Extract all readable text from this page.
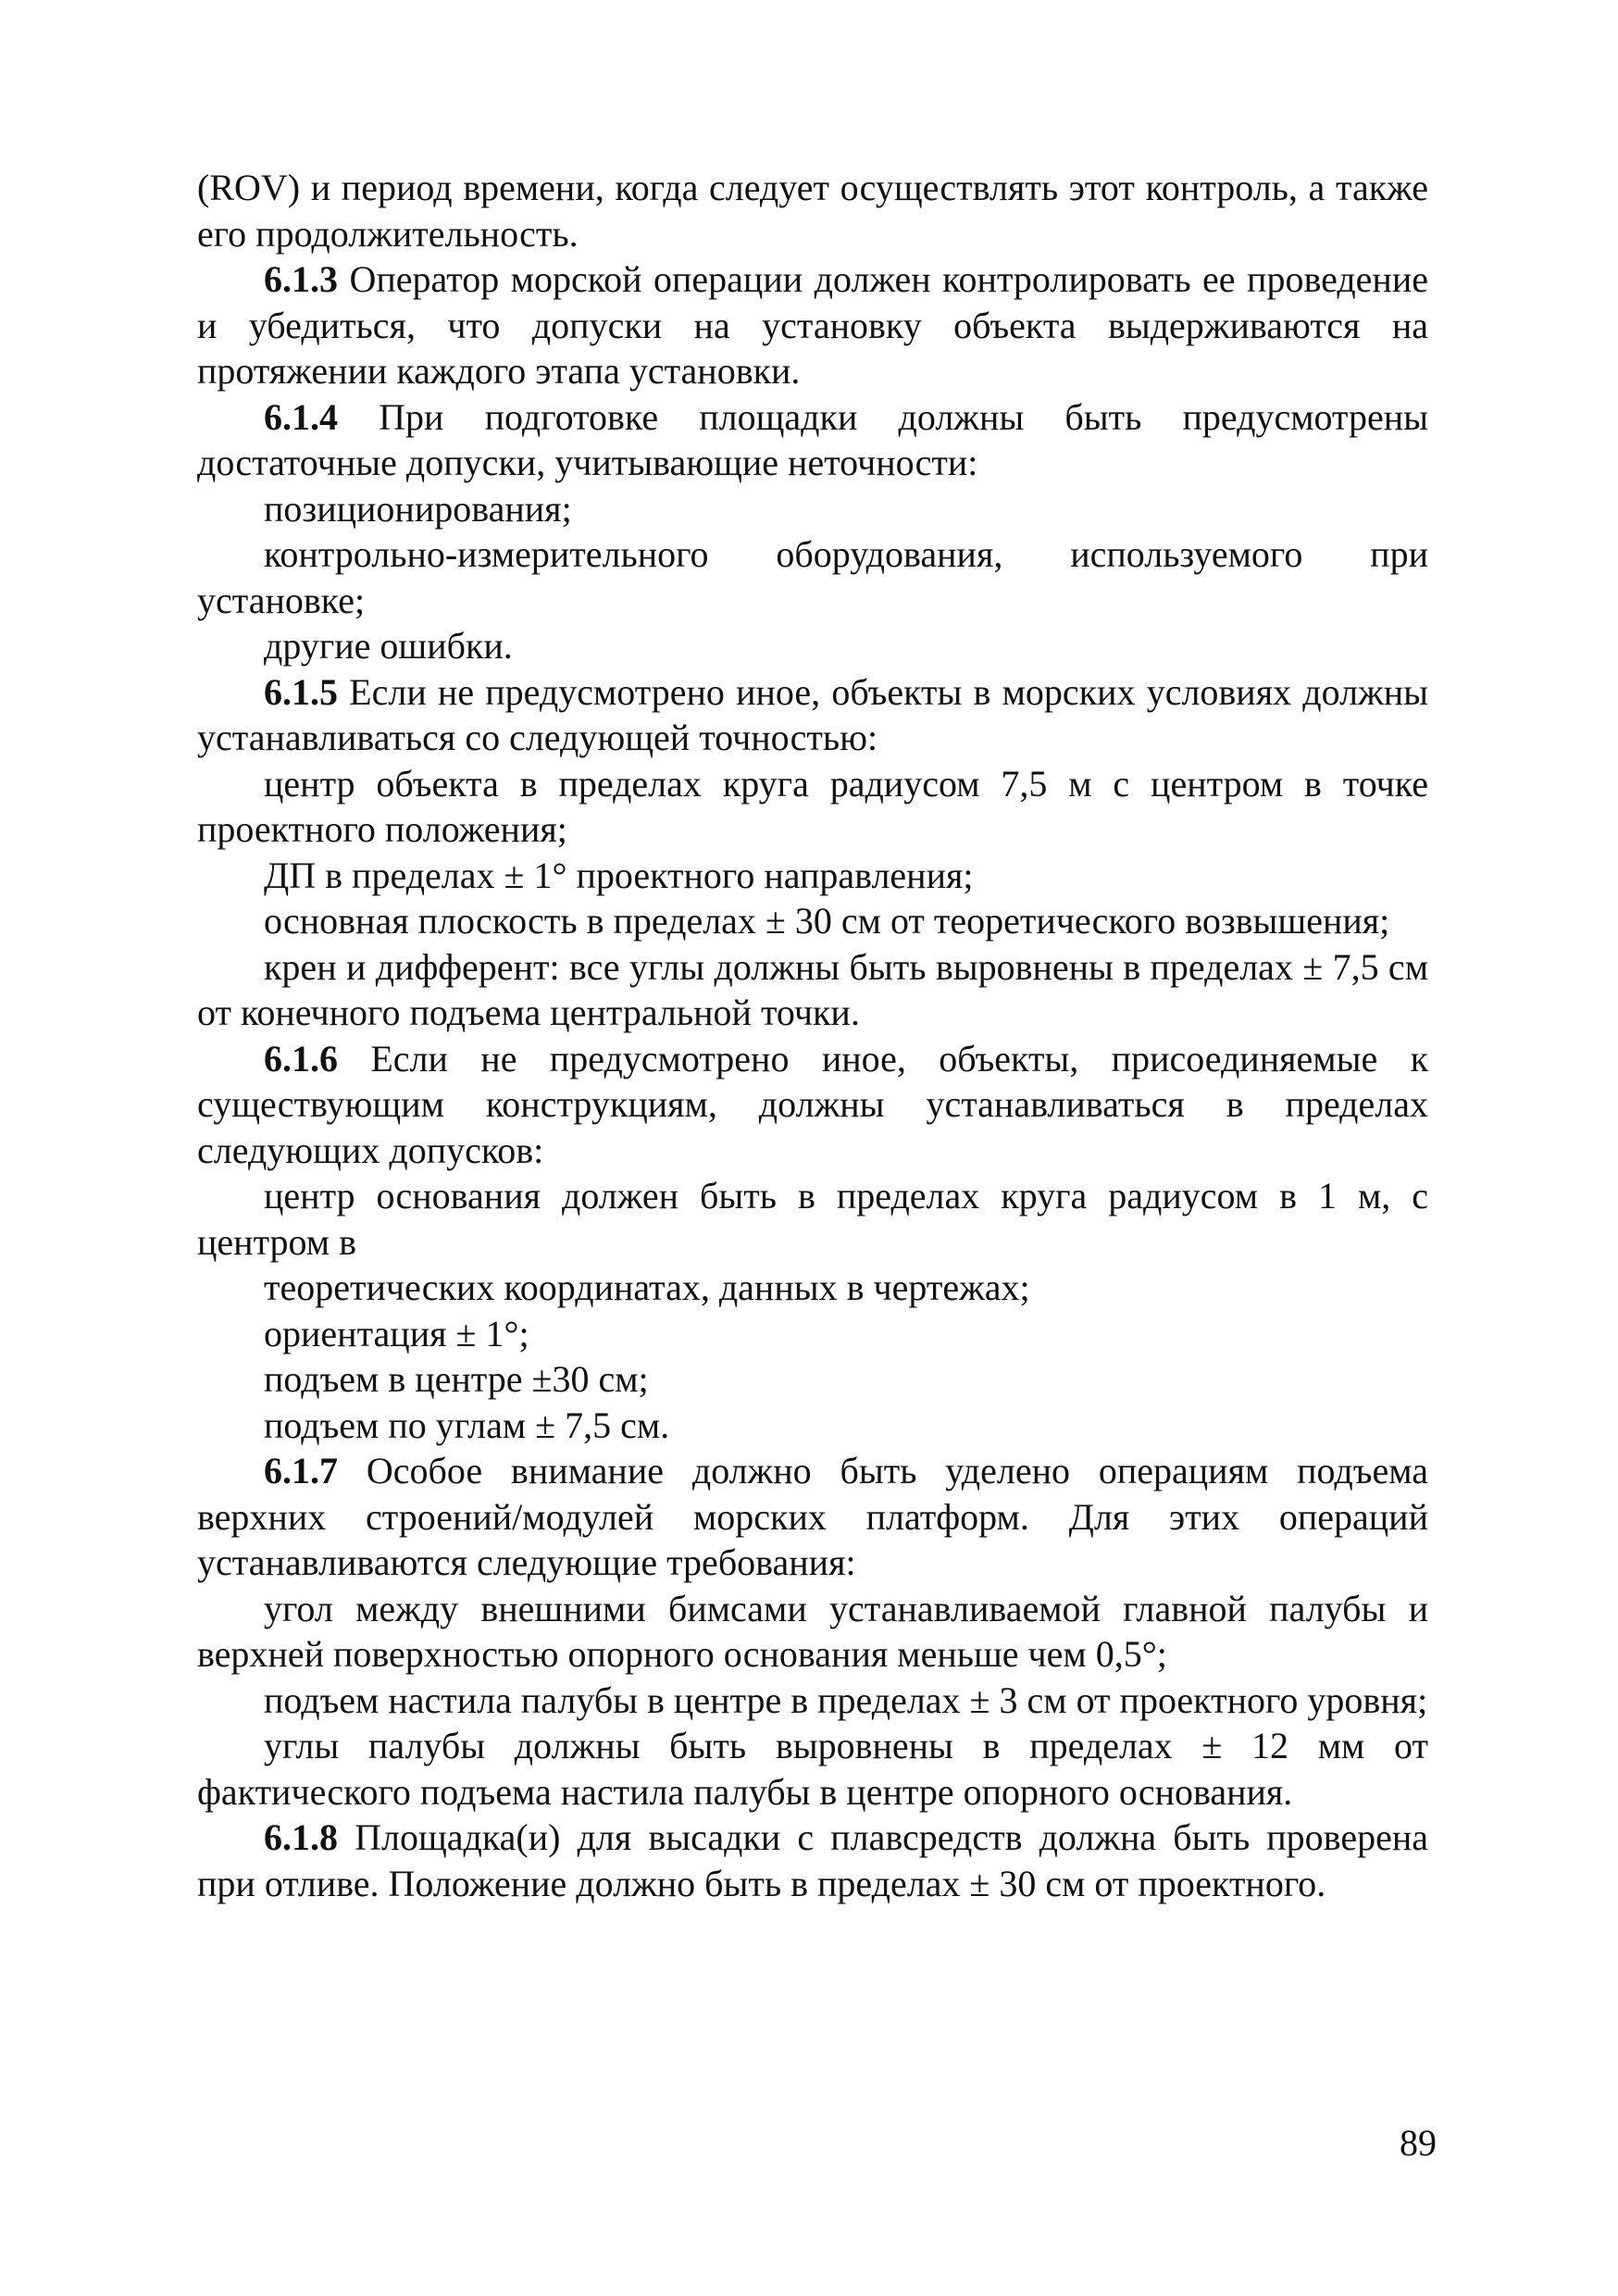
(ROV) и период времени, когда следует осуществлять этот контроль, а также его продолжительность.

6.1.3 Оператор морской операции должен контролировать ее проведение и убедиться, что допуски на установку объекта выдерживаются на протяжении каждого этапа установки.

6.1.4 При подготовке площадки должны быть предусмотрены достаточные допуски, учитывающие неточности:

позиционирования;

контрольно-измерительного оборудования, используемого при установке;

другие ошибки.

6.1.5 Если не предусмотрено иное, объекты в морских условиях должны устанавливаться со следующей точностью:

центр объекта в пределах круга радиусом 7,5 м с центром в точке проектного положения;

ДП в пределах ± 1° проектного направления;

основная плоскость в пределах ± 30 см от теоретического возвышения;

крен и дифферент: все углы должны быть выровнены в пределах ± 7,5 см от конечного подъема центральной точки.

6.1.6 Если не предусмотрено иное, объекты, присоединяемые к существующим конструкциям, должны устанавливаться в пределах следующих допусков:

центр основания должен быть в пределах круга радиусом в 1 м, с центром в

теоретических координатах, данных в чертежах;

ориентация ± 1°;

подъем в центре ±30 см;

подъем по углам ± 7,5 см.

6.1.7 Особое внимание должно быть уделено операциям подъема верхних строений/модулей морских платформ. Для этих операций устанавливаются следующие требования:

угол между внешними бимсами устанавливаемой главной палубы и верхней поверхностью опорного основания меньше чем 0,5°;

подъем настила палубы в центре в пределах ± 3 см от проектного уровня;

углы палубы должны быть выровнены в пределах ± 12 мм от фактического подъема настила палубы в центре опорного основания.

6.1.8 Площадка(и) для высадки с плавсредств должна быть проверена при отливе. Положение должно быть в пределах ± 30 см от проектного.

89
